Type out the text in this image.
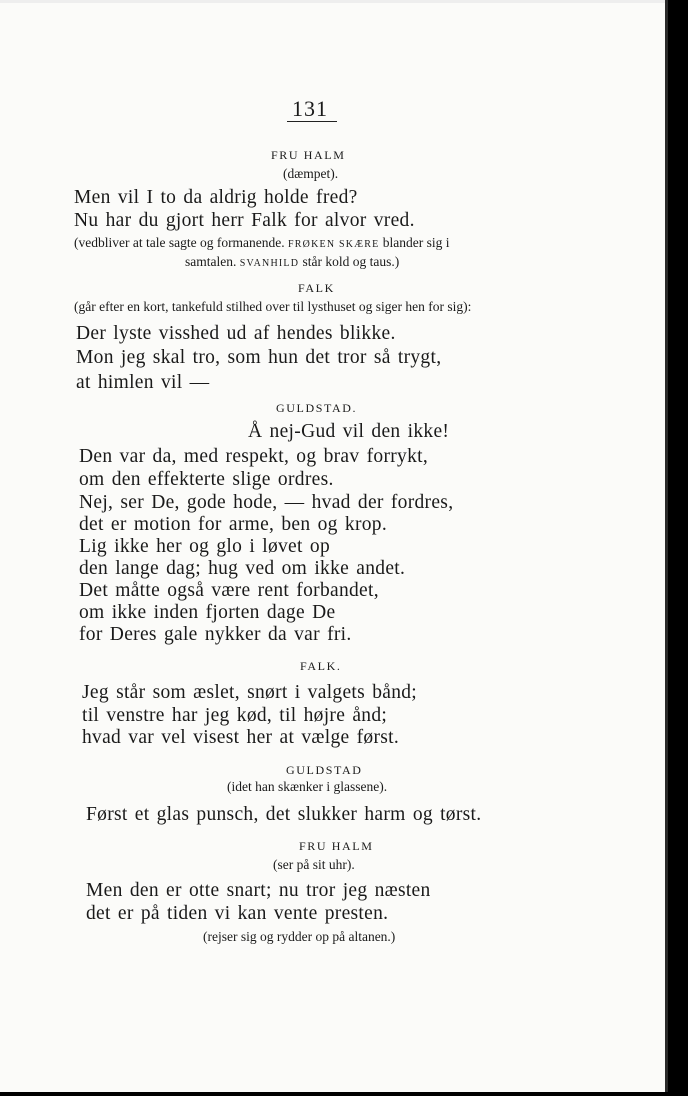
131
FRU HALM
(dæmpet).
Men vil I to da aldrig holde fred?
Nu har du gjort herr Falk for alvor vred.
(vedbliver at tale sagte og formanende. FRØKEN SKÆRE blander sig i
samtalen. SVANHILD står kold og taus.)
FALK
(går efter en kort, tankefuld stilhed over til lysthuset og siger hen for sig):
Der lyste visshed ud af hendes blikke.
Mon jeg skal tro, som hun det tror så trygt,
at himlen vil —
GULDSTAD.
Å nej-Gud vil den ikke!
Den var da, med respekt, og brav forrykt,
om den effekterte slige ordres.
Nej, ser De, gode hode, — hvad der fordres,
det er motion for arme, ben og krop.
Lig ikke her og glo i løvet op
den lange dag; hug ved om ikke andet.
Det måtte også være rent forbandet,
om ikke inden fjorten dage De
for Deres gale nykker da var fri.
FALK.
Jeg står som æslet, snørt i valgets bånd;
til venstre har jeg kød, til højre ånd;
hvad var vel visest her at vælge først.
GULDSTAD
(idet han skænker i glassene).
Først et glas punsch, det slukker harm og tørst.
FRU HALM
(ser på sit uhr).
Men den er otte snart; nu tror jeg næsten
det er på tiden vi kan vente presten.
(rejser sig og rydder op på altanen.)
